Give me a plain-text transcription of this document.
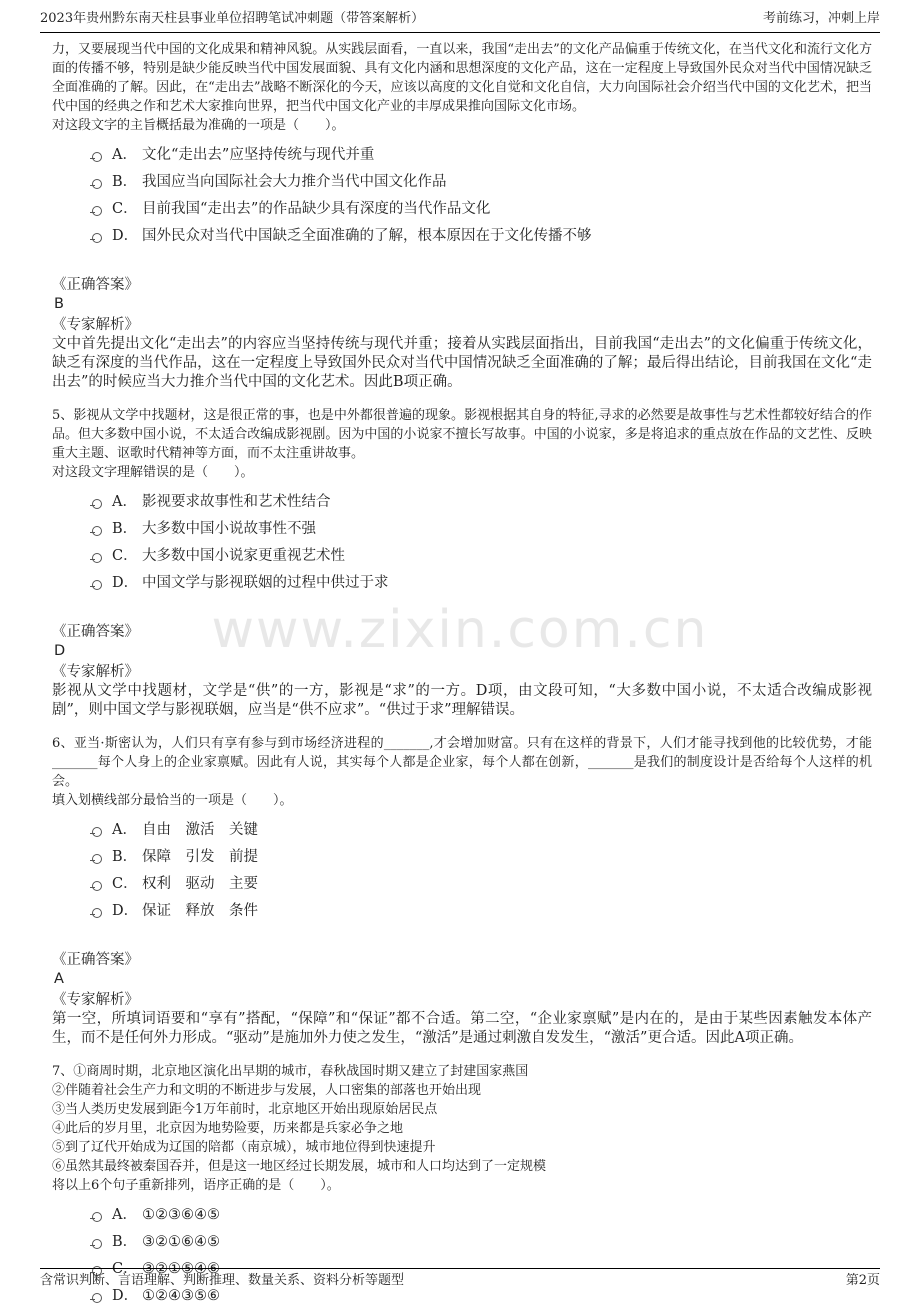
2023年贵州黔东南天柱县事业单位招聘笔试冲刺题（带答案解析）	考前练习，冲刺上岸
www.zixin.com.cn
力，又要展现当代中国的文化成果和精神风貌。从实践层面看，一直以来，我国“走出去”的文化产品偏重于传统文化，在当代文化和流行文化方面的传播不够，特别是缺少能反映当代中国发展面貌、具有文化内涵和思想深度的文化产品，这在一定程度上导致国外民众对当代中国情况缺乏全面准确的了解。因此，在“走出去”战略不断深化的今天，应该以高度的文化自觉和文化自信，大力向国际社会介绍当代中国的文化艺术，把当代中国的经典之作和艺术大家推向世界，把当代中国文化产业的丰厚成果推向国际文化市场。
对这段文字的主旨概括最为准确的一项是（　　）。
A． 文化“走出去”应坚持传统与现代并重
B． 我国应当向国际社会大力推介当代中国文化作品
C． 目前我国“走出去”的作品缺少具有深度的当代作品文化
D． 国外民众对当代中国缺乏全面准确的了解，根本原因在于文化传播不够
《正确答案》
B
《专家解析》
文中首先提出文化“走出去”的内容应当坚持传统与现代并重；接着从实践层面指出，目前我国“走出去”的文化偏重于传统文化，缺乏有深度的当代作品，这在一定程度上导致国外民众对当代中国情况缺乏全面准确的了解；最后得出结论，目前我国在文化“走出去”的时候应当大力推介当代中国的文化艺术。因此B项正确。
5、影视从文学中找题材，这是很正常的事，也是中外都很普遍的现象。影视根据其自身的特征,寻求的必然要是故事性与艺术性都较好结合的作品。但大多数中国小说，不太适合改编成影视剧。因为中国的小说家不擅长写故事。中国的小说家，多是将追求的重点放在作品的文艺性、反映重大主题、讴歌时代精神等方面，而不太注重讲故事。
对这段文字理解错误的是（　　）。
A． 影视要求故事性和艺术性结合
B． 大多数中国小说故事性不强
C． 大多数中国小说家更重视艺术性
D． 中国文学与影视联姻的过程中供过于求
《正确答案》
D
《专家解析》
影视从文学中找题材，文学是“供”的一方，影视是“求”的一方。D项，由文段可知，“大多数中国小说，不太适合改编成影视剧”，则中国文学与影视联姻，应当是“供不应求”。“供过于求”理解错误。
6、亚当·斯密认为，人们只有享有参与到市场经济进程的_______,才会增加财富。只有在这样的背景下，人们才能寻找到他的比较优势，才能_______每个人身上的企业家禀赋。因此有人说，其实每个人都是企业家，每个人都在创新，_______是我们的制度设计是否给每个人这样的机会。
填入划横线部分最恰当的一项是（　　）。
A． 自由　激活　关键
B． 保障　引发　前提
C． 权利　驱动　主要
D． 保证　释放　条件
《正确答案》
A
《专家解析》
第一空，所填词语要和“享有”搭配，“保障”和“保证”都不合适。第二空，“企业家禀赋”是内在的，是由于某些因素触发本体产生，而不是任何外力形成。“驱动”是施加外力使之发生，“激活”是通过刺激自发发生，“激活”更合适。因此A项正确。
7、①商周时期，北京地区演化出早期的城市，春秋战国时期又建立了封建国家燕国
②伴随着社会生产力和文明的不断进步与发展，人口密集的部落也开始出现
③当人类历史发展到距今1万年前时，北京地区开始出现原始居民点
④此后的岁月里，北京因为地势险要，历来都是兵家必争之地
⑤到了辽代开始成为辽国的陪都（南京城），城市地位得到快速提升
⑥虽然其最终被秦国吞并，但是这一地区经过长期发展，城市和人口均达到了一定规模
将以上6个句子重新排列，语序正确的是（　　）。
A． ①②③⑥④⑤
B． ③②①⑥④⑤
C． ③②①⑤④⑥
D． ①②④③⑤⑥
含常识判断、言语理解、判断推理、数量关系、资料分析等题型	第2页
